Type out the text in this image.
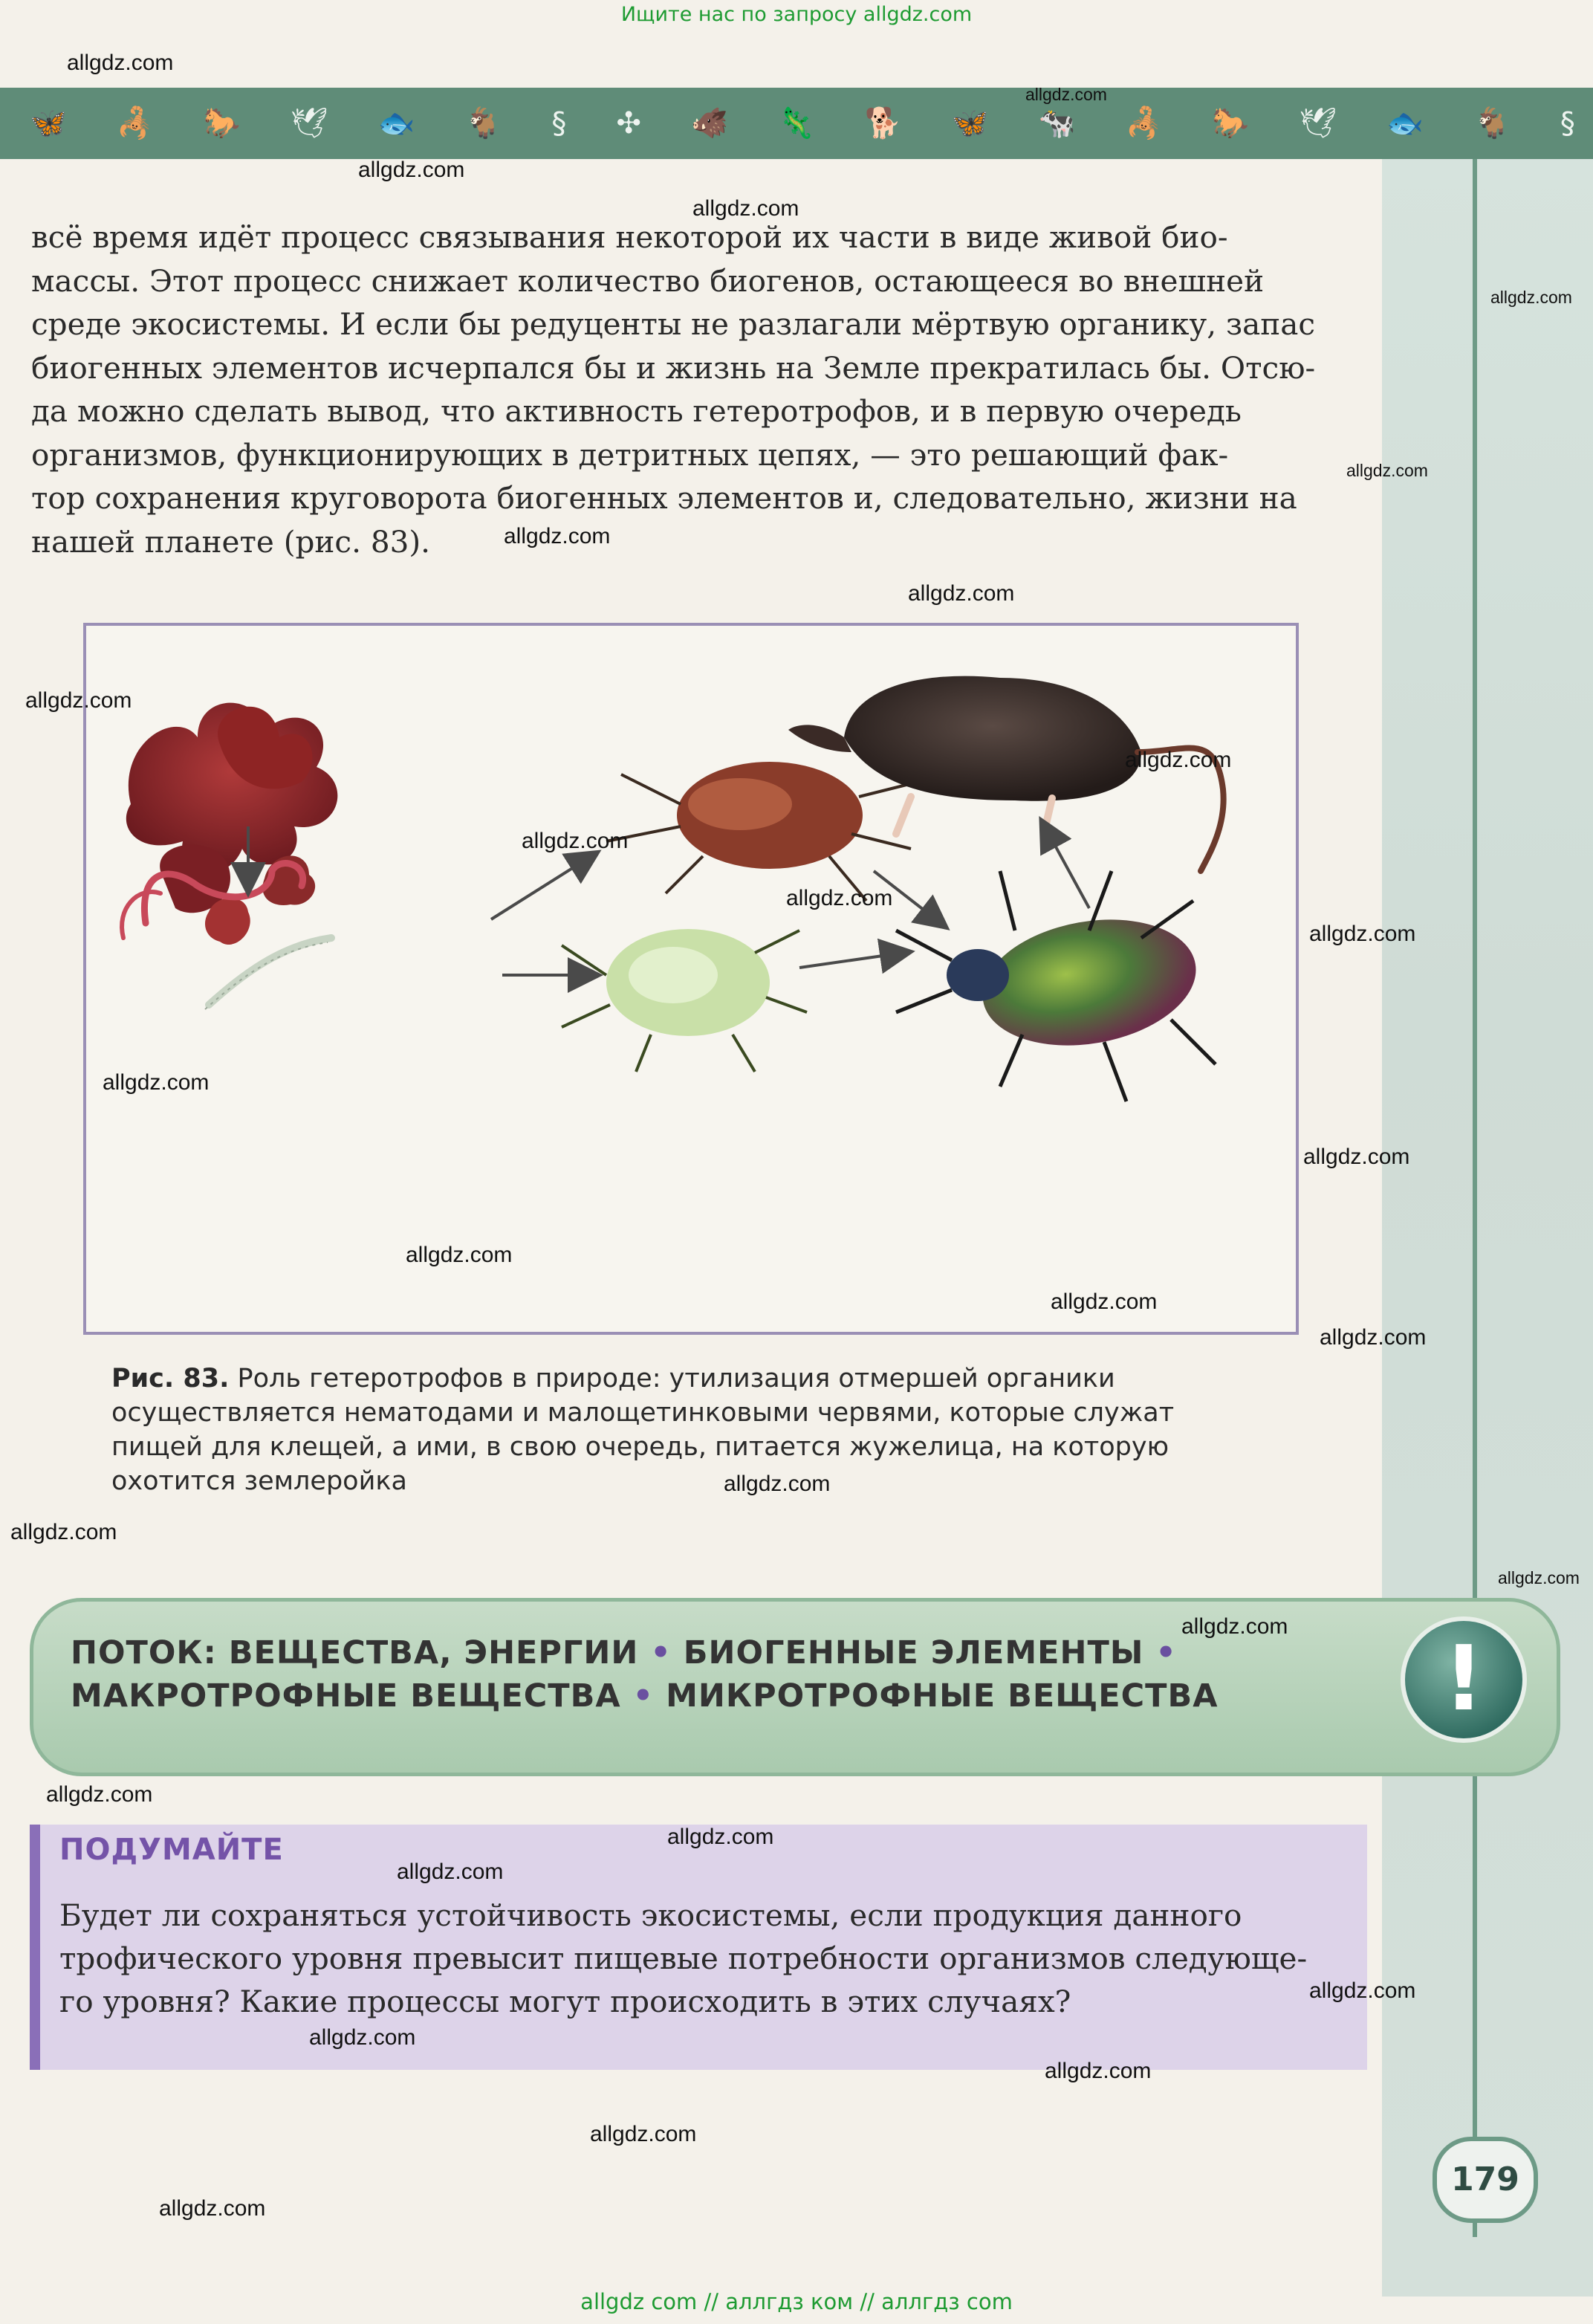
Ищите нас по запросу allgdz.com
🦋 🦂 🐎 🕊 🐟 🐐 § ✣ 🐗 🦎 🐕 🦋 🐄 🦂 🐎 🕊 🐟 🐐 §
всё время идёт процесс связывания некоторой их части в виде живой био-
массы. Этот процесс снижает количество биогенов, остающееся во внешней
среде экосистемы. И если бы редуценты не разлагали мёртвую органику, запас
биогенных элементов исчерпался бы и жизнь на Земле прекратилась бы. Отсю-
да можно сделать вывод, что активность гетеротрофов, и в первую очередь
организмов, функционирующих в детритных цепях, — это решающий фак-
тор сохранения круговорота биогенных элементов и, следовательно, жизни на
нашей планете (рис. 83).
Рис. 83. Роль гетеротрофов в природе: утилизация отмершей органики
осуществляется нематодами и малощетинковыми червями, которые служат
пищей для клещей, а ими, в свою очередь, питается жужелица, на которую
охотится землеройка
ПОТОК: ВЕЩЕСТВА, ЭНЕРГИИ • БИОГЕННЫЕ ЭЛЕМЕНТЫ •
МАКРОТРОФНЫЕ ВЕЩЕСТВА • МИКРОТРОФНЫЕ ВЕЩЕСТВА	!
ПОДУМАЙТЕ
Будет ли сохраняться устойчивость экосистемы, если продукция данного
трофического уровня превысит пищевые потребности организмов следующе-
го уровня? Какие процессы могут происходить в этих случаях?
179
allgdz.com
allgdz.com
allgdz.com
allgdz.com
allgdz.com
allgdz.com
allgdz.com
allgdz.com
allgdz.com
allgdz.com
allgdz.com
allgdz.com
allgdz.com
allgdz.com
allgdz.com
allgdz.com
allgdz.com
allgdz.com
allgdz.com
allgdz.com
allgdz.com
allgdz.com
allgdz.com
allgdz.com
allgdz.com
allgdz.com
allgdz.com
allgdz.com
allgdz.com
allgdz.com
allgdz com // аллгдз ком // аллгдз com
